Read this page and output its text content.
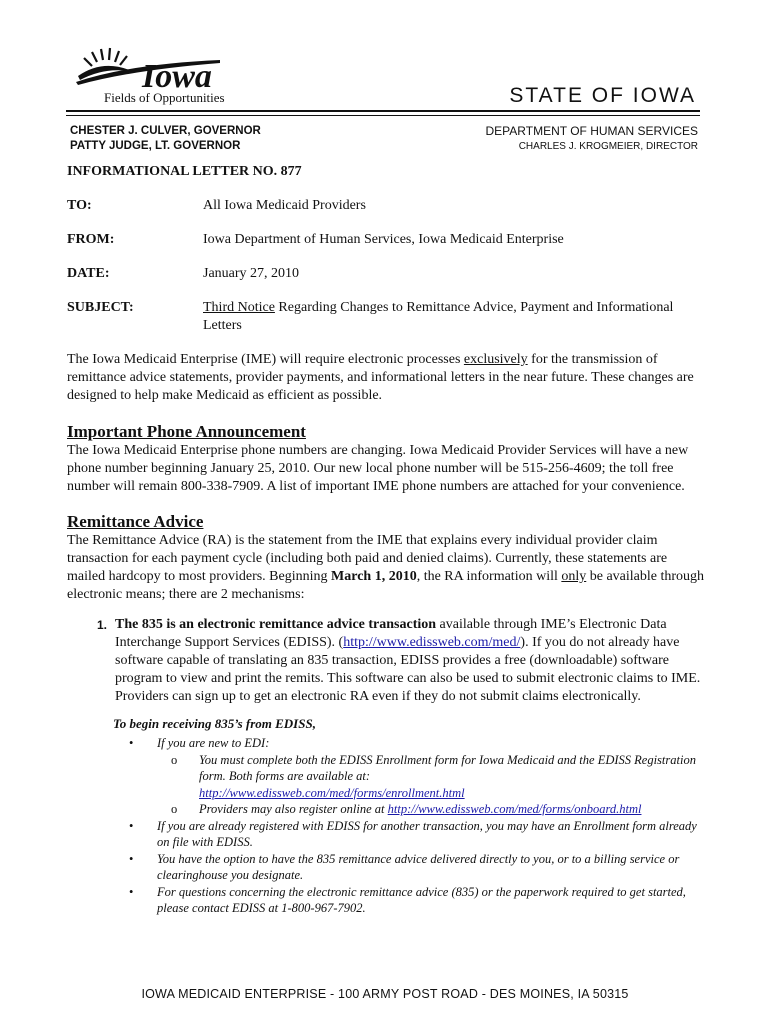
Iowa
Fields of Opportunities	STATE OF IOWA
CHESTER J. CULVER, GOVERNOR
PATTY JUDGE, LT. GOVERNOR
DEPARTMENT OF HUMAN SERVICES
CHARLES J. KROGMEIER, DIRECTOR
INFORMATIONAL LETTER NO. 877
TO:	All Iowa Medicaid Providers
FROM:	Iowa Department of Human Services, Iowa Medicaid Enterprise
DATE:	January 27, 2010
SUBJECT:	Third Notice Regarding Changes to Remittance Advice, Payment and Informational Letters

The Iowa Medicaid Enterprise (IME) will require electronic processes exclusively for the transmission of remittance advice statements, provider payments, and informational letters in the near future. These changes are designed to help make Medicaid as efficient as possible.

Important Phone Announcement

The Iowa Medicaid Enterprise phone numbers are changing. Iowa Medicaid Provider Services will have a new phone number beginning January 25, 2010. Our new local phone number will be 515-256-4609; the toll free number will remain 800-338-7909. A list of important IME phone numbers are attached for your convenience.

Remittance Advice

The Remittance Advice (RA) is the statement from the IME that explains every individual provider claim transaction for each payment cycle (including both paid and denied claims). Currently, these statements are mailed hardcopy to most providers. Beginning March 1, 2010, the RA information will only be available through electronic means; there are 2 mechanisms:

1. The 835 is an electronic remittance advice transaction available through IME’s Electronic Data Interchange Support Services (EDISS). (http://www.edissweb.com/med/). If you do not already have software capable of translating an 835 transaction, EDISS provides a free (downloadable) software program to view and print the remits. This software can also be used to submit electronic claims to IME. Providers can sign up to get an electronic RA even if they do not submit claims electronically.
To begin receiving 835’s from EDISS,
• If you are new to EDI:
o You must complete both the EDISS Enrollment form for Iowa Medicaid and the EDISS Registration form. Both forms are available at:
http://www.edissweb.com/med/forms/enrollment.html
o Providers may also register online at http://www.edissweb.com/med/forms/onboard.html
• If you are already registered with EDISS for another transaction, you may have an Enrollment form already on file with EDISS.
• You have the option to have the 835 remittance advice delivered directly to you, or to a billing service or clearinghouse you designate.
• For questions concerning the electronic remittance advice (835) or the paperwork required to get started, please contact EDISS at 1-800-967-7902.
IOWA MEDICAID ENTERPRISE - 100 ARMY POST ROAD - DES MOINES, IA 50315
